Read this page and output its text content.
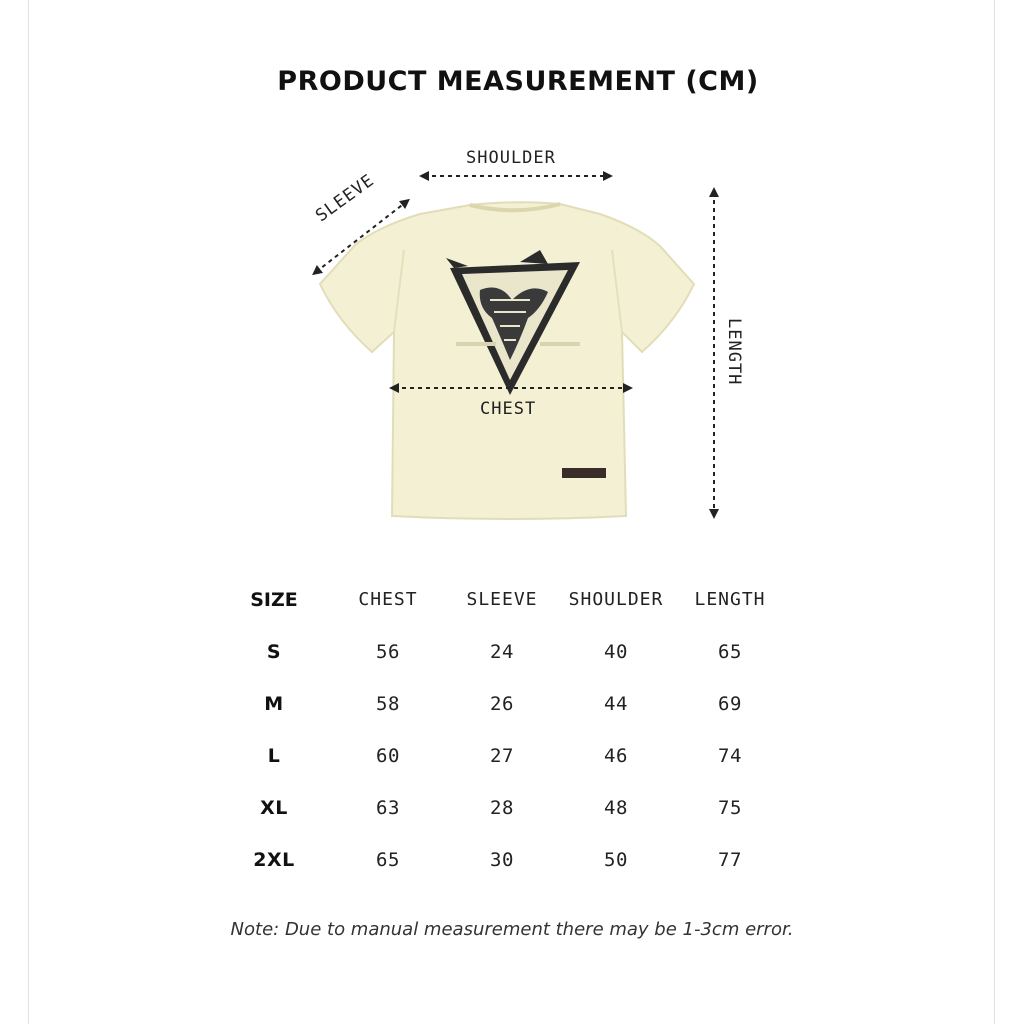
PRODUCT MEASUREMENT (CM)
SHOULDER
SLEEVE
CHEST
LENGTH
SIZE	CHEST	SLEEVE	SHOULDER	LENGTH
S	56	24	40	65
M	58	26	44	69
L	60	27	46	74
XL	63	28	48	75
2XL	65	30	50	77
Note: Due to manual measurement there may be 1-3cm error.
